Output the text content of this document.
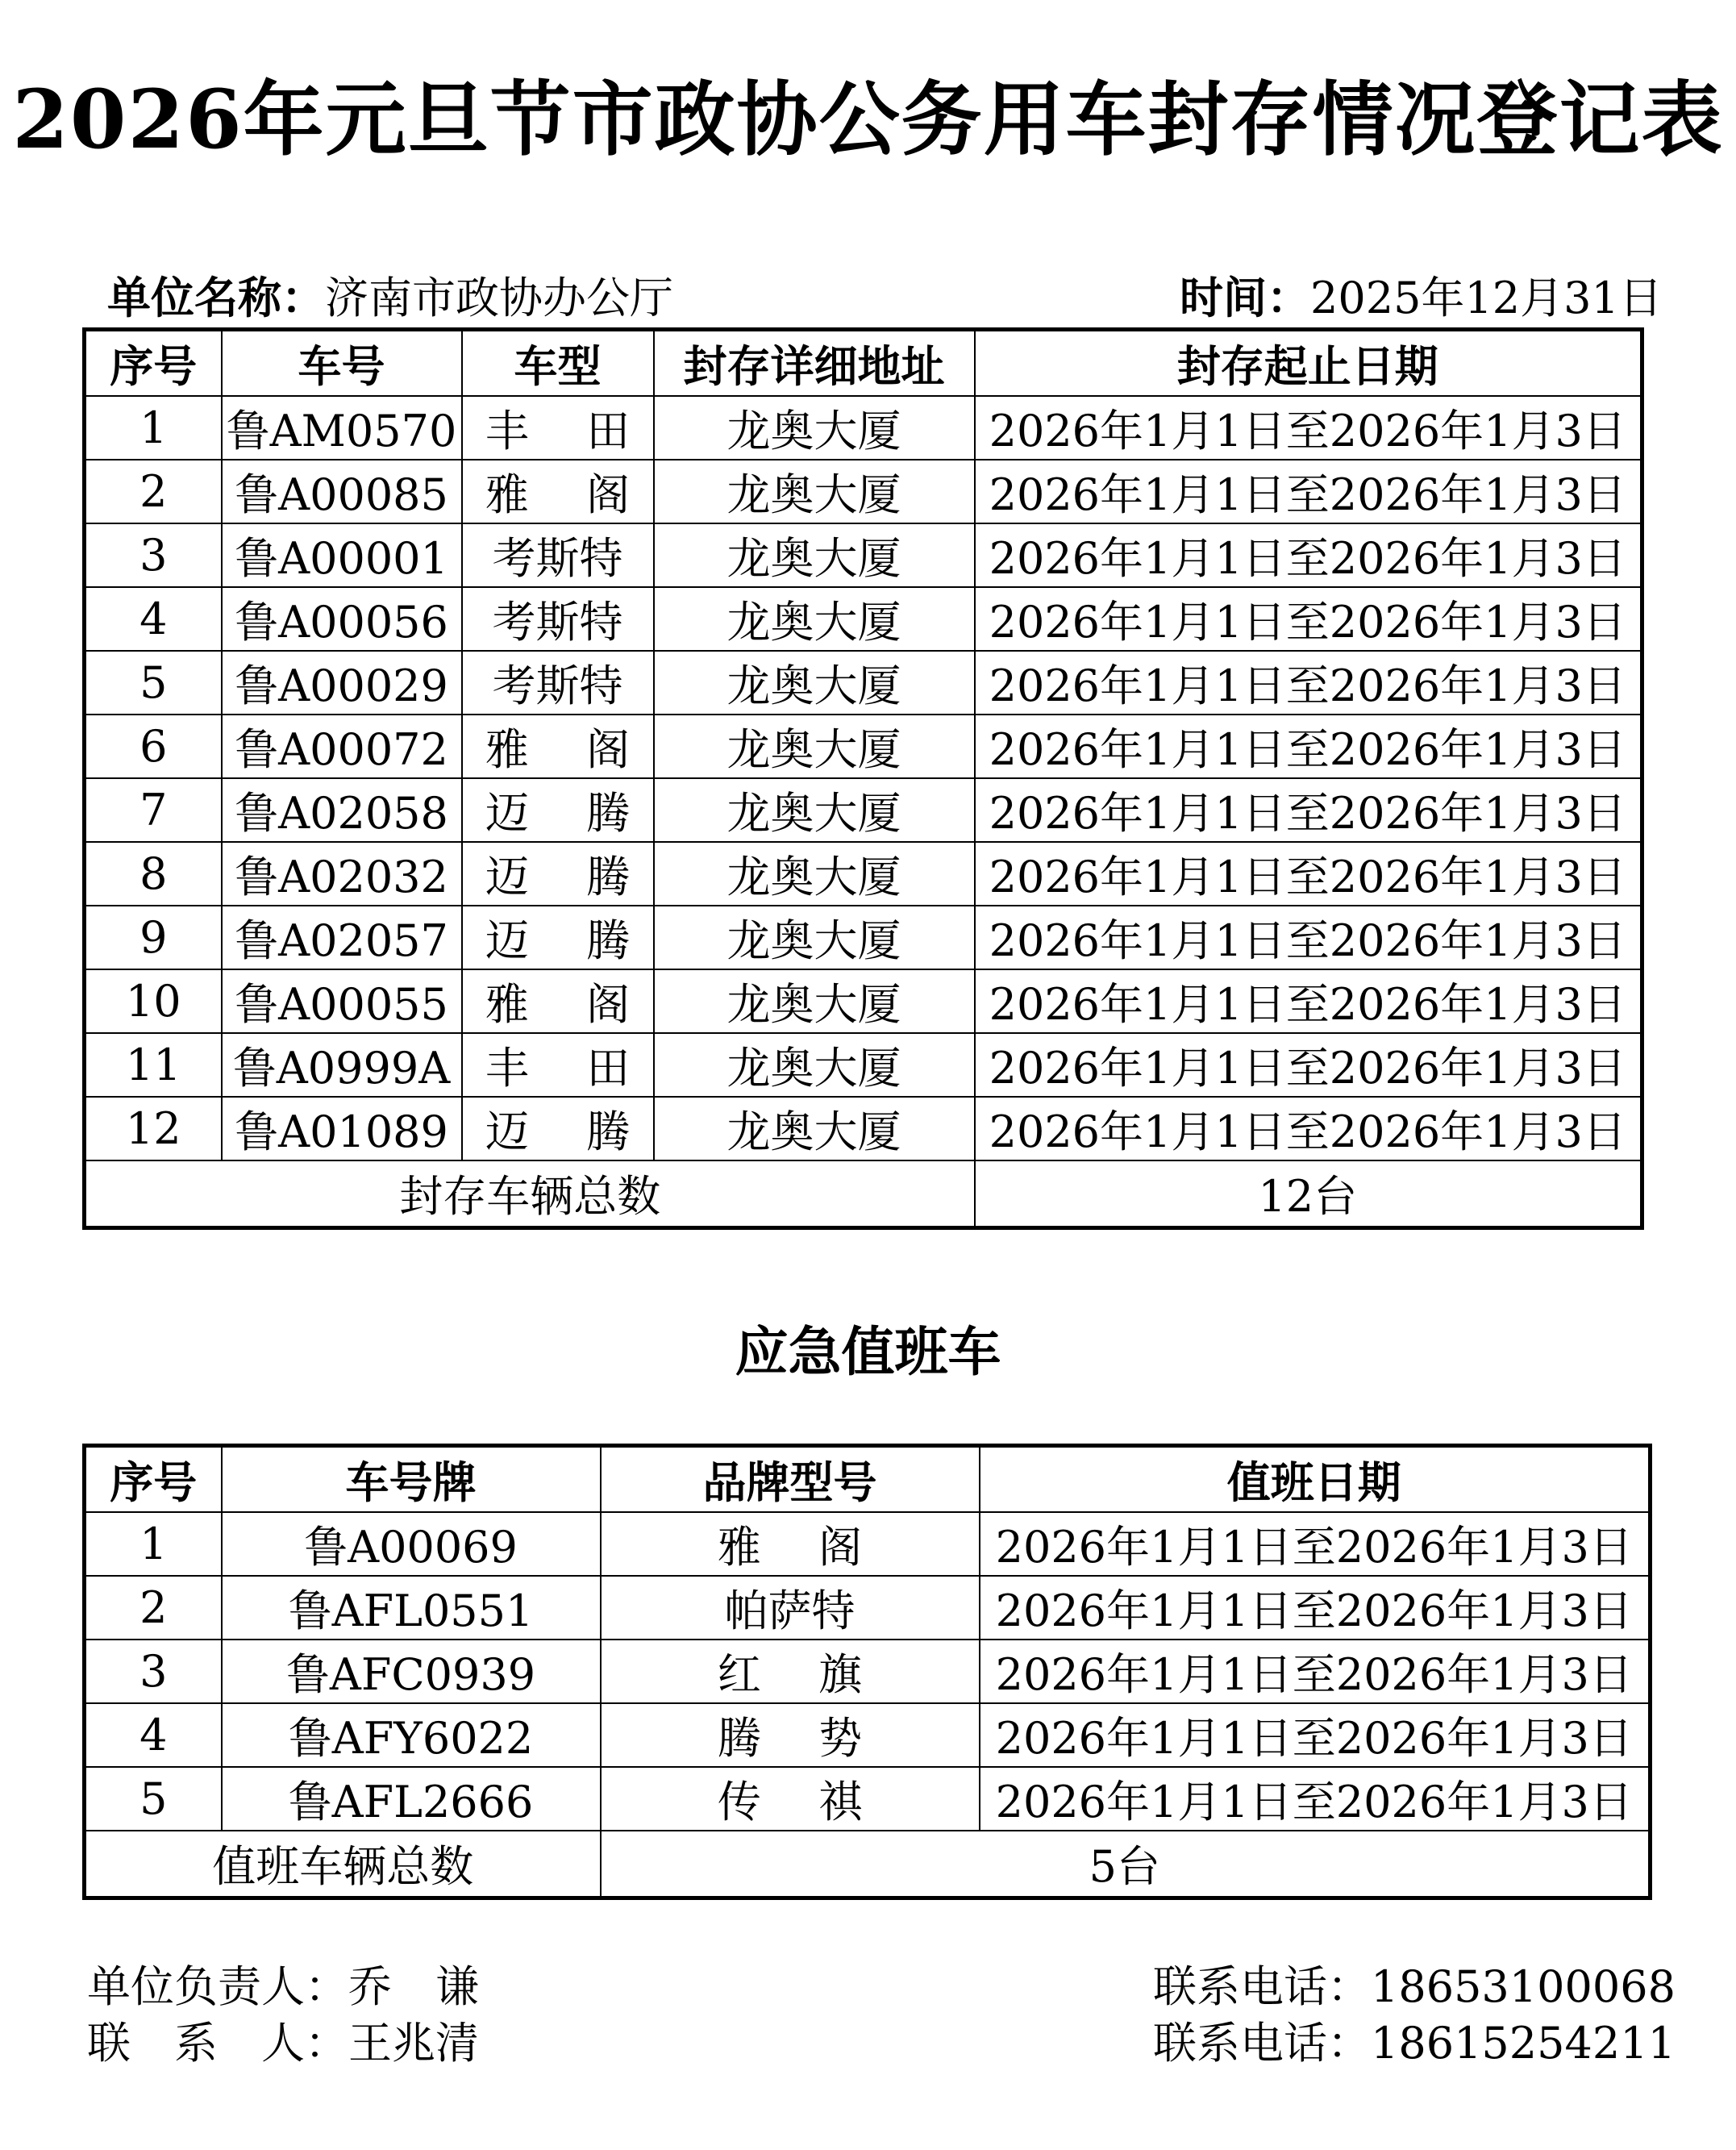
2026年元旦节市政协公务用车封存情况登记表
单位名称：济南市政协办公厅	时间：2025年12月31日
序号	车号	车型	封存详细地址	封存起止日期
1	鲁AM0570	丰　 田	龙奥大厦	2026年1月1日至2026年1月3日
2	鲁A00085	雅　 阁	龙奥大厦	2026年1月1日至2026年1月3日
3	鲁A00001	考斯特	龙奥大厦	2026年1月1日至2026年1月3日
4	鲁A00056	考斯特	龙奥大厦	2026年1月1日至2026年1月3日
5	鲁A00029	考斯特	龙奥大厦	2026年1月1日至2026年1月3日
6	鲁A00072	雅　 阁	龙奥大厦	2026年1月1日至2026年1月3日
7	鲁A02058	迈　 腾	龙奥大厦	2026年1月1日至2026年1月3日
8	鲁A02032	迈　 腾	龙奥大厦	2026年1月1日至2026年1月3日
9	鲁A02057	迈　 腾	龙奥大厦	2026年1月1日至2026年1月3日
10	鲁A00055	雅　 阁	龙奥大厦	2026年1月1日至2026年1月3日
11	鲁A0999A	丰　 田	龙奥大厦	2026年1月1日至2026年1月3日
12	鲁A01089	迈　 腾	龙奥大厦	2026年1月1日至2026年1月3日
封存车辆总数				12台
应急值班车
序号	车号牌	品牌型号	值班日期
1	鲁A00069	雅　 阁	2026年1月1日至2026年1月3日
2	鲁AFL0551	帕萨特	2026年1月1日至2026年1月3日
3	鲁AFC0939	红　 旗	2026年1月1日至2026年1月3日
4	鲁AFY6022	腾　 势	2026年1月1日至2026年1月3日
5	鲁AFL2666	传　 祺	2026年1月1日至2026年1月3日
值班车辆总数		5台	
单位负责人：乔　谦
联　系　人：王兆清
联系电话：18653100068
联系电话：18615254211
